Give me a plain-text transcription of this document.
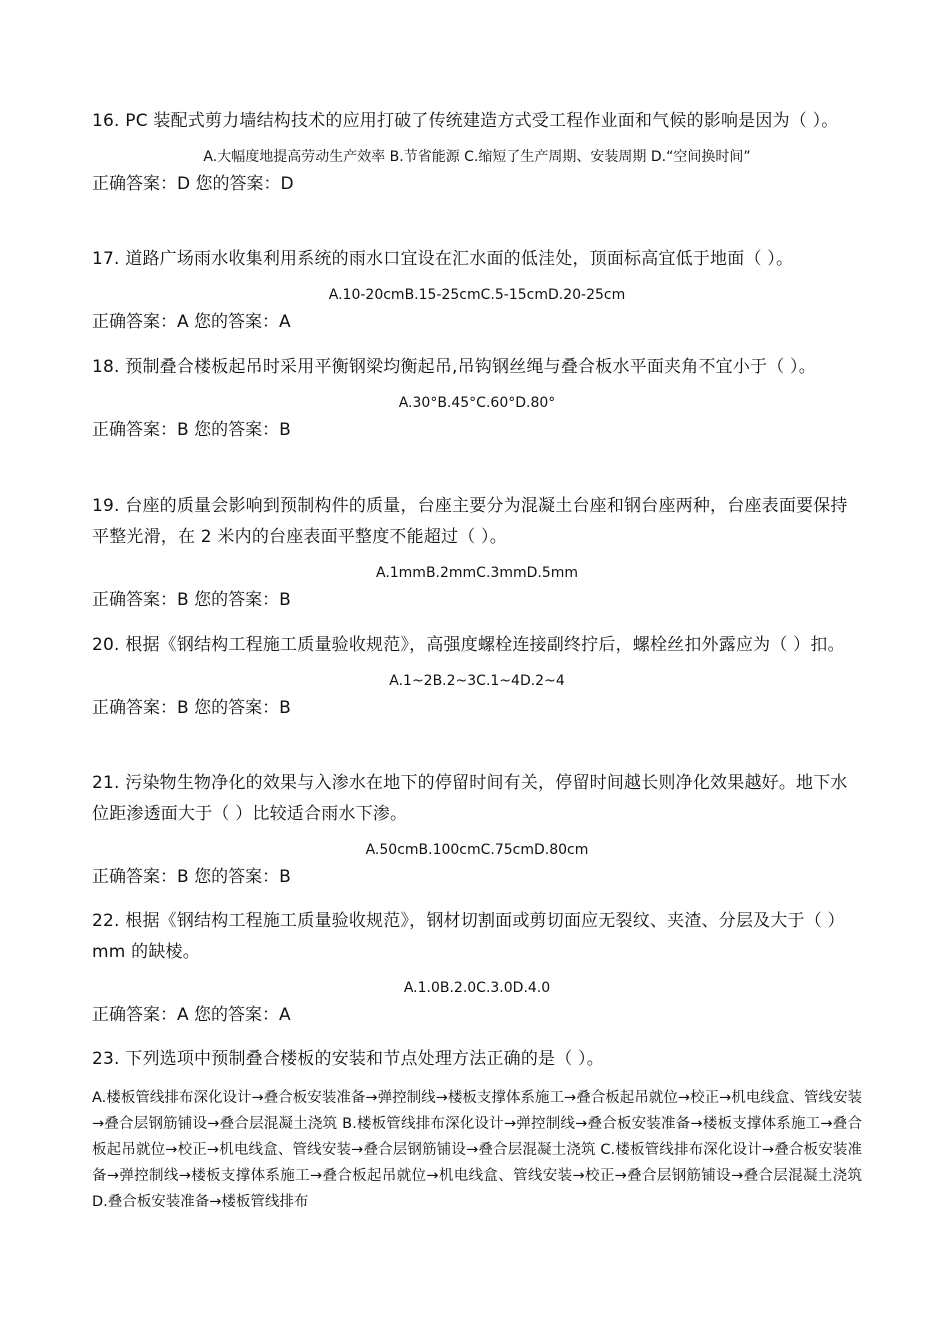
16. PC 装配式剪力墙结构技术的应用打破了传统建造方式受工程作业面和气候的影响是因为（ ）。
A.大幅度地提高劳动生产效率 B.节省能源 C.缩短了生产周期、安装周期 D.“空间换时间”
正确答案：D 您的答案：D
17. 道路广场雨水收集利用系统的雨水口宜设在汇水面的低洼处，顶面标高宜低于地面（ ）。
A.10-20cmB.15-25cmC.5-15cmD.20-25cm
正确答案：A 您的答案：A
18. 预制叠合楼板起吊时采用平衡钢梁均衡起吊,吊钩钢丝绳与叠合板水平面夹角不宜小于（ ）。
A.30°B.45°C.60°D.80°
正确答案：B 您的答案：B
19. 台座的质量会影响到预制构件的质量，台座主要分为混凝土台座和钢台座两种，台座表面要保持平整光滑，在 2 米内的台座表面平整度不能超过（ ）。
A.1mmB.2mmC.3mmD.5mm
正确答案：B 您的答案：B
20. 根据《钢结构工程施工质量验收规范》，高强度螺栓连接副终拧后，螺栓丝扣外露应为（ ）扣。
A.1~2B.2~3C.1~4D.2~4
正确答案：B 您的答案：B
21. 污染物生物净化的效果与入渗水在地下的停留时间有关，停留时间越长则净化效果越好。地下水位距渗透面大于（ ）比较适合雨水下渗。
A.50cmB.100cmC.75cmD.80cm
正确答案：B 您的答案：B
22. 根据《钢结构工程施工质量验收规范》，钢材切割面或剪切面应无裂纹、夹渣、分层及大于（ ）mm 的缺棱。
A.1.0B.2.0C.3.0D.4.0
正确答案：A 您的答案：A
23. 下列选项中预制叠合楼板的安装和节点处理方法正确的是（ ）。
A.楼板管线排布深化设计→叠合板安装准备→弹控制线→楼板支撑体系施工→叠合板起吊就位→校正→机电线盒、管线安装→叠合层钢筋铺设→叠合层混凝土浇筑 B.楼板管线排布深化设计→弹控制线→叠合板安装准备→楼板支撑体系施工→叠合板起吊就位→校正→机电线盒、管线安装→叠合层钢筋铺设→叠合层混凝土浇筑 C.楼板管线排布深化设计→叠合板安装准备→弹控制线→楼板支撑体系施工→叠合板起吊就位→机电线盒、管线安装→校正→叠合层钢筋铺设→叠合层混凝土浇筑 D.叠合板安装准备→楼板管线排布
